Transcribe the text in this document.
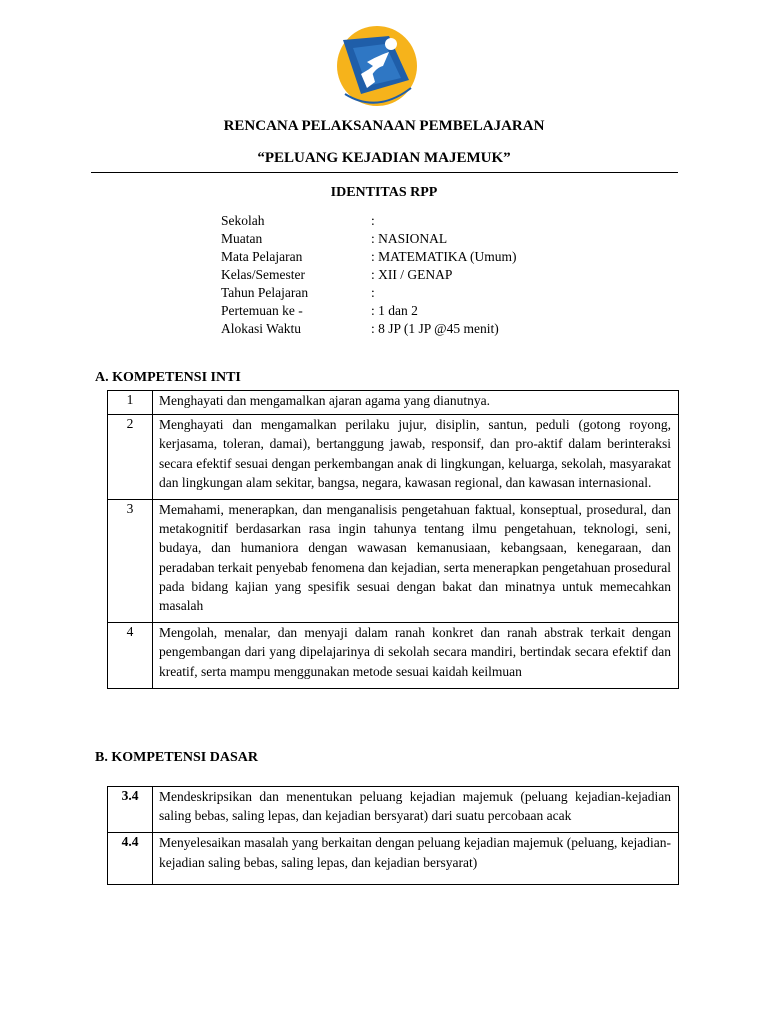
RENCANA PELAKSANAAN PEMBELAJARAN
“PELUANG KEJADIAN MAJEMUK”
IDENTITAS RPP
Sekolah	:
Muatan	: NASIONAL
Mata Pelajaran	: MATEMATIKA (Umum)
Kelas/Semester	: XII / GENAP
Tahun Pelajaran	:
Pertemuan ke -	: 1 dan 2
Alokasi Waktu	: 8 JP (1 JP @45 menit)
A. KOMPETENSI INTI
1	Menghayati dan mengamalkan ajaran agama yang dianutnya.

2	Menghayati dan mengamalkan perilaku jujur, disiplin, santun, peduli (gotong royong, kerjasama, toleran, damai), bertanggung jawab, responsif, dan pro-aktif dalam berinteraksi secara efektif sesuai dengan perkembangan anak di lingkungan, keluarga, sekolah, masyarakat dan lingkungan alam sekitar, bangsa, negara, kawasan regional, dan kawasan internasional.

3	Memahami, menerapkan, dan menganalisis pengetahuan faktual, konseptual, prosedural, dan metakognitif berdasarkan rasa ingin tahunya tentang ilmu pengetahuan, teknologi, seni, budaya, dan humaniora dengan wawasan kemanusiaan, kebangsaan, kenegaraan, dan peradaban terkait penyebab fenomena dan kejadian, serta menerapkan pengetahuan prosedural pada bidang kajian yang spesifik sesuai dengan bakat dan minatnya untuk memecahkan masalah

4	Mengolah, menalar, dan menyaji dalam ranah konkret dan ranah abstrak terkait dengan pengembangan dari yang dipelajarinya di sekolah secara mandiri, bertindak secara efektif dan kreatif, serta mampu menggunakan metode sesuai kaidah keilmuan
B. KOMPETENSI DASAR
3.4	Mendeskripsikan dan menentukan peluang kejadian majemuk (peluang kejadian-kejadian saling bebas, saling lepas, dan kejadian bersyarat) dari suatu percobaan acak

4.4	Menyelesaikan masalah yang berkaitan dengan peluang kejadian majemuk (peluang, kejadian-kejadian saling bebas, saling lepas, dan kejadian bersyarat)
